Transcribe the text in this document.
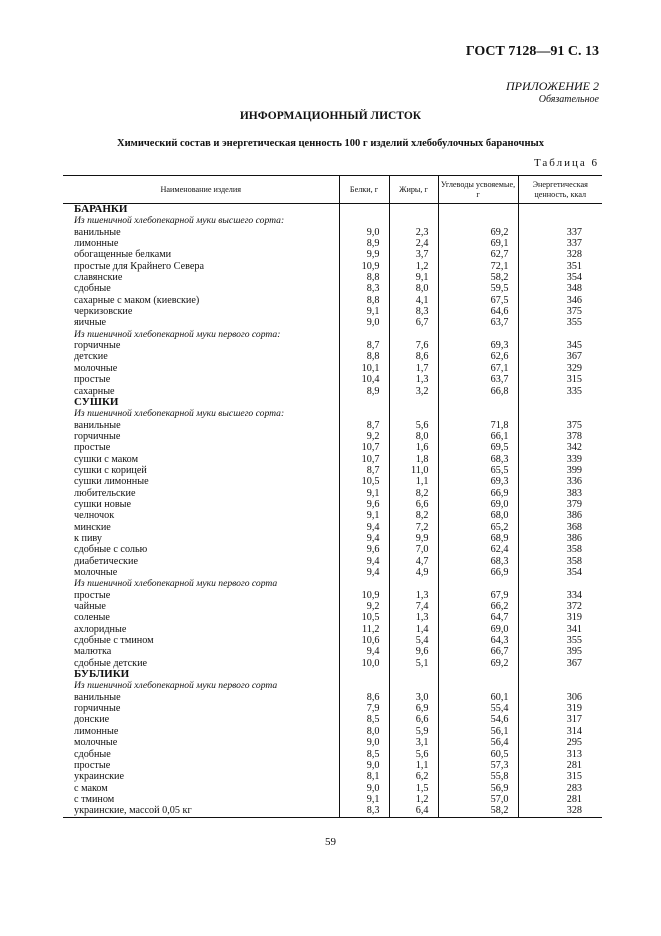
ГОСТ 7128—91 С. 13
ПРИЛОЖЕНИЕ 2
Обязательное
ИНФОРМАЦИОННЫЙ ЛИСТОК
Химический состав и энергетическая ценность 100 г изделий хлебобулочных бараночных
Таблица 6
Наименование изделия	Белки, г	Жиры, г	Углеводы усвояемые, г	Энергетическая ценность, ккал
БАРАНКИ				
Из пшеничной хлебопекарной муки высшего сорта:				
ванильные	9,0	2,3	69,2	337
лимонные	8,9	2,4	69,1	337
обогащенные белками	9,9	3,7	62,7	328
простые для Крайнего Севера	10,9	1,2	72,1	351
славянские	8,8	9,1	58,2	354
сдобные	8,3	8,0	59,5	348
сахарные с маком (киевские)	8,8	4,1	67,5	346
черкизовские	9,1	8,3	64,6	375
яичные	9,0	6,7	63,7	355
Из пшеничной хлебопекарной муки первого сорта:				
горчичные	8,7	7,6	69,3	345
детские	8,8	8,6	62,6	367
молочные	10,1	1,7	67,1	329
простые	10,4	1,3	63,7	315
сахарные	8,9	3,2	66,8	335
СУШКИ				
Из пшеничной хлебопекарной муки высшего сорта:				
ванильные	8,7	5,6	71,8	375
горчичные	9,2	8,0	66,1	378
простые	10,7	1,6	69,5	342
сушки с маком	10,7	1,8	68,3	339
сушки с корицей	8,7	11,0	65,5	399
сушки лимонные	10,5	1,1	69,3	336
любительские	9,1	8,2	66,9	383
сушки новые	9,6	6,6	69,0	379
челночок	9,1	8,2	68,0	386
минские	9,4	7,2	65,2	368
к пиву	9,4	9,9	68,9	386
сдобные с солью	9,6	7,0	62,4	358
диабетические	9,4	4,7	68,3	358
молочные	9,4	4,9	66,9	354
Из пшеничной хлебопекарной муки первого сорта				
простые	10,9	1,3	67,9	334
чайные	9,2	7,4	66,2	372
соленые	10,5	1,3	64,7	319
ахлоридные	11,2	1,4	69,0	341
сдобные с тмином	10,6	5,4	64,3	355
малютка	9,4	9,6	66,7	395
сдобные детские	10,0	5,1	69,2	367
БУБЛИКИ				
Из пшеничной хлебопекарной муки первого сорта				
ванильные	8,6	3,0	60,1	306
горчичные	7,9	6,9	55,4	319
донские	8,5	6,6	54,6	317
лимонные	8,0	5,9	56,1	314
молочные	9,0	3,1	56,4	295
сдобные	8,5	5,6	60,5	313
простые	9,0	1,1	57,3	281
украинские	8,1	6,2	55,8	315
с маком	9,0	1,5	56,9	283
с тмином	9,1	1,2	57,0	281
украинские, массой 0,05 кг	8,3	6,4	58,2	328
59
